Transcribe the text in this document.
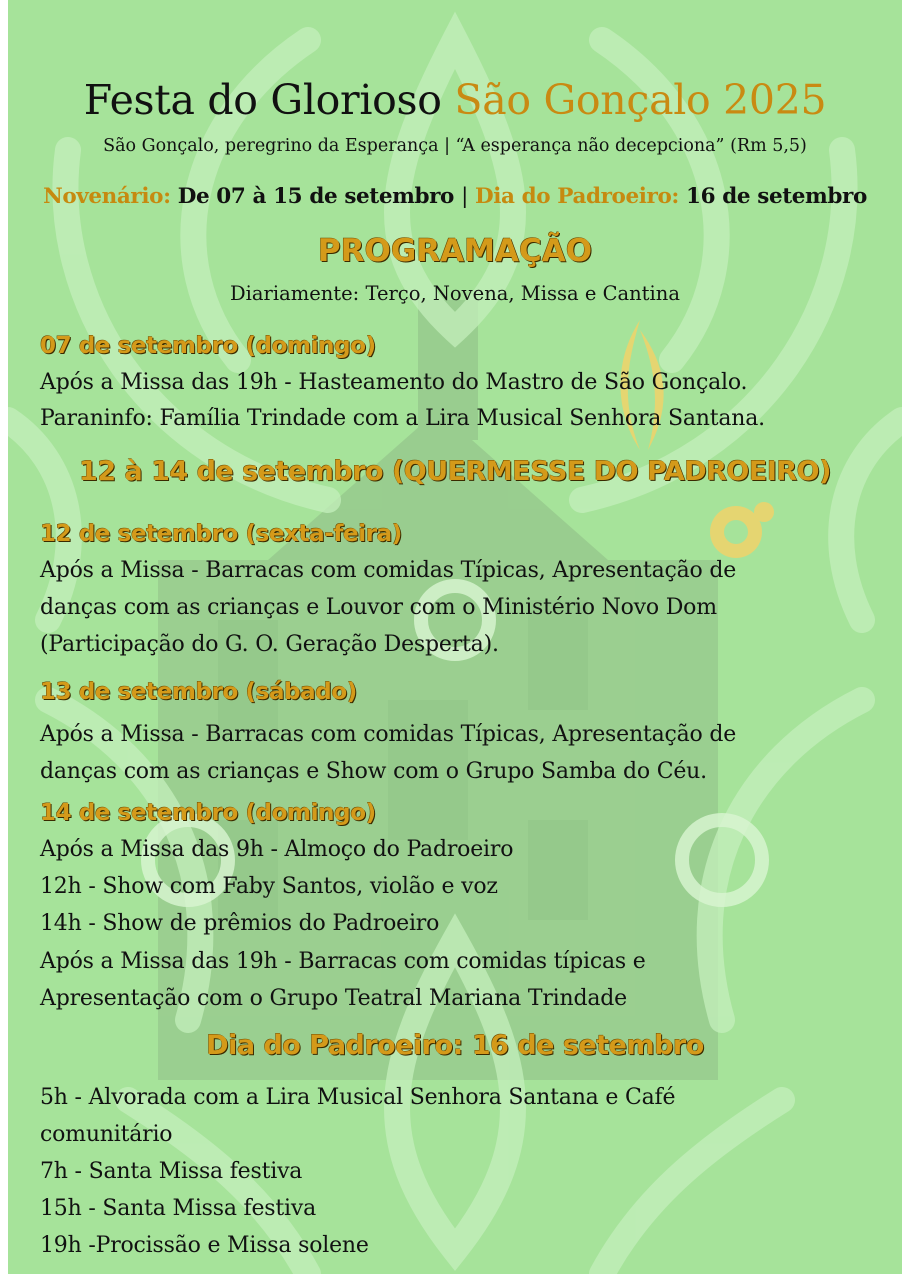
Festa do Glorioso São Gonçalo 2025
São Gonçalo, peregrino da Esperança | “A esperança não decepciona” (Rm 5,5)
Novenário: De 07 à 15 de setembro | Dia do Padroeiro: 16 de setembro
PROGRAMAÇÃO
Diariamente: Terço, Novena, Missa e Cantina
07 de setembro (domingo)
Após a Missa das 19h - Hasteamento do Mastro de São Gonçalo.
Paraninfo: Família Trindade com a Lira Musical Senhora Santana.
12 à 14 de setembro (QUERMESSE DO PADROEIRO)
12 de setembro (sexta-feira)
Após a Missa - Barracas com comidas Típicas, Apresentação de
danças com as crianças e Louvor com o Ministério Novo Dom
(Participação do G. O. Geração Desperta).
13 de setembro (sábado)
Após a Missa - Barracas com comidas Típicas, Apresentação de
danças com as crianças e Show com o Grupo Samba do Céu.
14 de setembro (domingo)
Após a Missa das 9h - Almoço do Padroeiro
12h - Show com Faby Santos, violão e voz
14h - Show de prêmios do Padroeiro
Após a Missa das 19h - Barracas com comidas típicas e
Apresentação com o Grupo Teatral Mariana Trindade
Dia do Padroeiro: 16 de setembro
5h - Alvorada com a Lira Musical Senhora Santana e Café
comunitário
7h - Santa Missa festiva
15h - Santa Missa festiva
19h -Procissão e Missa solene
